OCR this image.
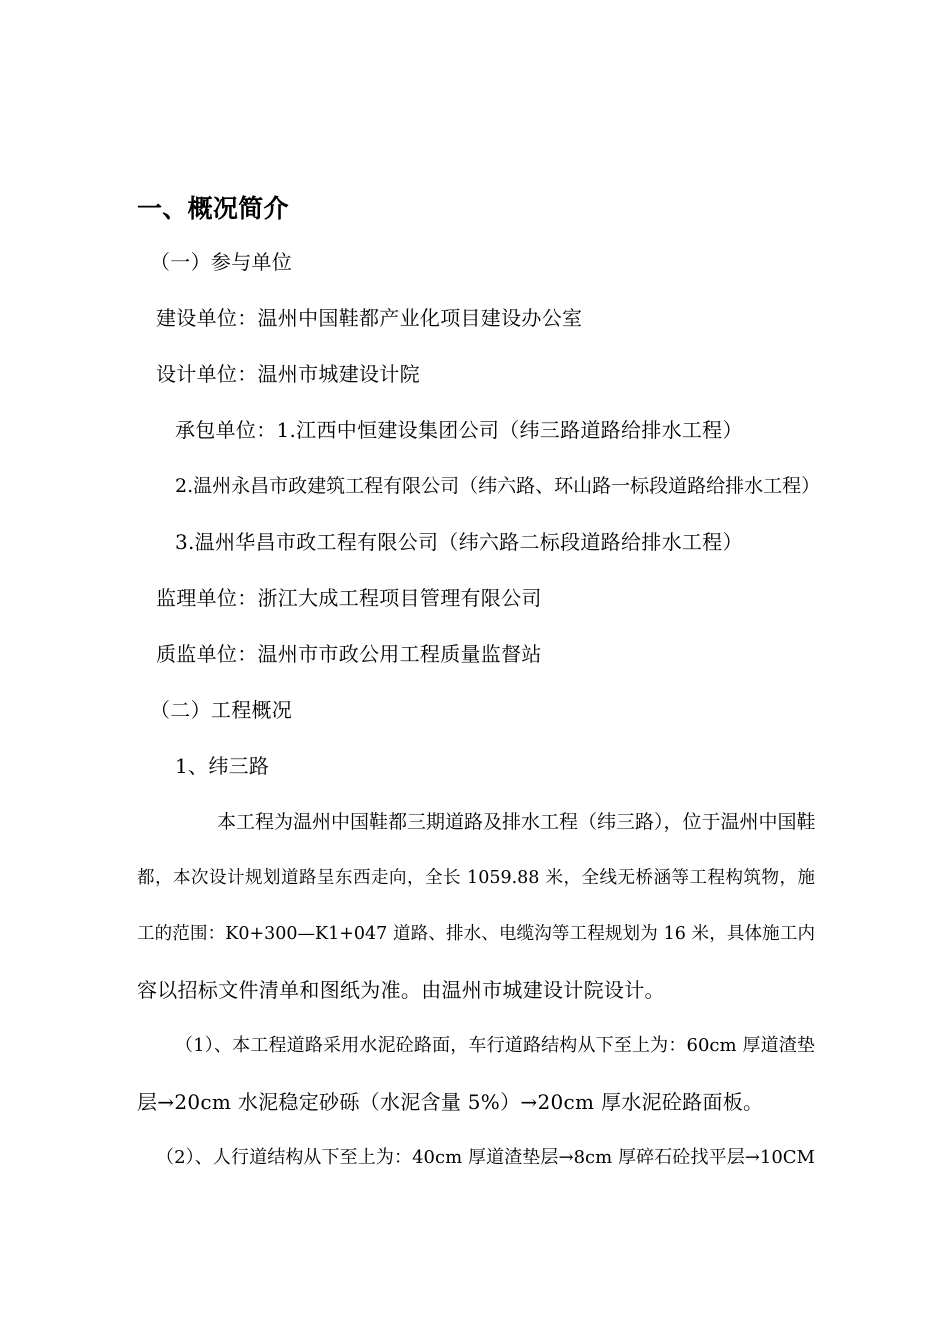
一、概况简介
（一）参与单位
建设单位：温州中国鞋都产业化项目建设办公室
设计单位：温州市城建设计院
承包单位：1.江西中恒建设集团公司（纬三路道路给排水工程）
2.温州永昌市政建筑工程有限公司（纬六路、环山路一标段道路给排水工程）
3.温州华昌市政工程有限公司（纬六路二标段道路给排水工程）
监理单位：浙江大成工程项目管理有限公司
质监单位：温州市市政公用工程质量监督站
（二）工程概况
1、纬三路
本工程为温州中国鞋都三期道路及排水工程（纬三路），位于温州中国鞋
都，本次设计规划道路呈东西走向，全长 1059.88 米，全线无桥涵等工程构筑物，施
工的范围：K0+300—K1+047 道路、排水、电缆沟等工程规划为 16 米，具体施工内
容以招标文件清单和图纸为准。由温州市城建设计院设计。
（1）、本工程道路采用水泥砼路面，车行道路结构从下至上为：60cm 厚道渣垫
层→20cm 水泥稳定砂砾（水泥含量 5%）→20cm 厚水泥砼路面板。
（2）、人行道结构从下至上为：40cm 厚道渣垫层→8cm 厚碎石砼找平层→10CM
